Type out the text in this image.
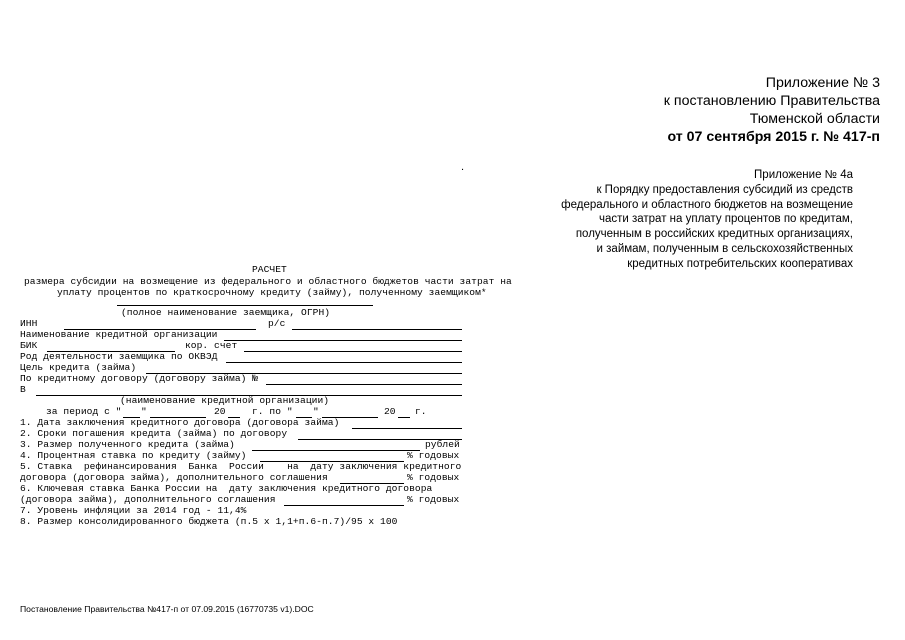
Приложение № 3
к постановлению Правительства
Тюменской области
от 07 сентября 2015 г. № 417-п
.
Приложение № 4а
к Порядку предоставления субсидий из средств
федерального и областного бюджетов на возмещение
части затрат на уплату процентов по кредитам,
полученным в российских кредитных организациях,
и займам, полученным в сельскохозяйственных
кредитных потребительских кооперативах
РАСЧЕТ
размера субсидии на возмещение из федерального и областного бюджетов части затрат на
уплату процентов по краткосрочному кредиту (займу), полученному заемщиком*
(полное наименование заемщика, ОГРН)
ИНН	р/с
Наименование кредитной организации
БИК	кор. счет
Род деятельности заемщика по ОКВЭД
Цель кредита (займа)
По кредитному договору (договору займа) №
В
(наименование кредитной организации)
за период с " "	20	г. по " "	20 г.
1. Дата заключения кредитного договора (договора займа)
2. Сроки погашения кредита (займа) по договору
3. Размер полученного кредита (займа)	рублей
4. Процентная ставка по кредиту (займу)	% годовых
5. Ставка  рефинансирования  Банка  России    на  дату заключения кредитного
договора (договора займа), дополнительного соглашения	% годовых
6. Ключевая ставка Банка России на  дату заключения кредитного договора
(договора займа), дополнительного соглашения	% годовых
7. Уровень инфляции за 2014 год - 11,4%
8. Размер консолидированного бюджета (п.5 х 1,1+п.6-п.7)/95 х 100
Постановление Правительства №417-п от 07.09.2015 (16770735 v1).DOC
